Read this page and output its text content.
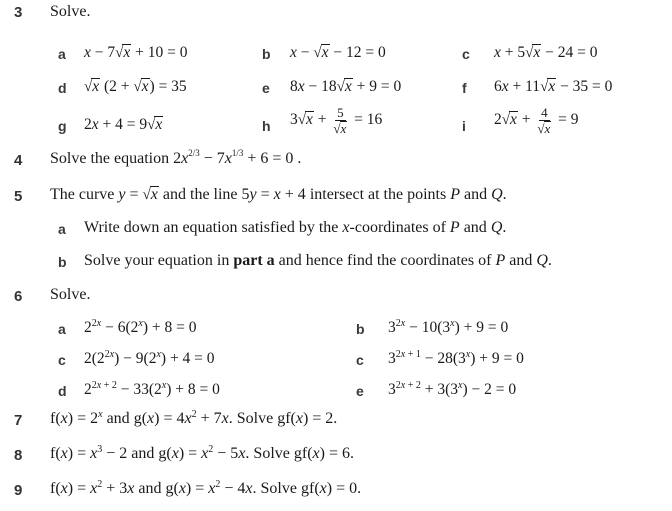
3	Solve.
a x − 7√x + 10 = 0	b x − √x − 12 = 0	c x + 5√x − 24 = 0
d √x (2 + √x) = 35	e 8x − 18√x + 9 = 0	f 6x + 11√x − 35 = 0
g 2x + 4 = 9√x	h $3√x + \frac{5}{√x} = 16$	i $2√x + \frac{4}{√x} = 9$
4	Solve the equation $2x^{2/3} - 7x^{1/3} + 6 = 0$ .
5	The curve y = √x and the line 5y = x + 4 intersect at the points P and Q.
a Write down an equation satisfied by the x-coordinates of P and Q.
b Solve your equation in part a and hence find the coordinates of P and Q.
6	Solve.
a $2^{2x} - 6(2^x) + 8 = 0$	b $3^{2x} - 10(3^x) + 9 = 0$
c $2(2^{2x}) - 9(2^x) + 4 = 0$	c $3^{2x + 1} - 28(3^x) + 9 = 0$
d $2^{2x + 2} - 33(2^x) + 8 = 0$	e $3^{2x + 2} + 3(3^x) - 2 = 0$
7	$f(x) = 2^x$ and $g(x) = 4x^2 + 7x$. Solve gf(x) = 2.
8	$f(x) = x^3 - 2$ and $g(x) = x^2 - 5x$. Solve gf(x) = 6.
9	$f(x) = x^2 + 3x$ and $g(x) = x^2 - 4x$. Solve gf(x) = 0.
